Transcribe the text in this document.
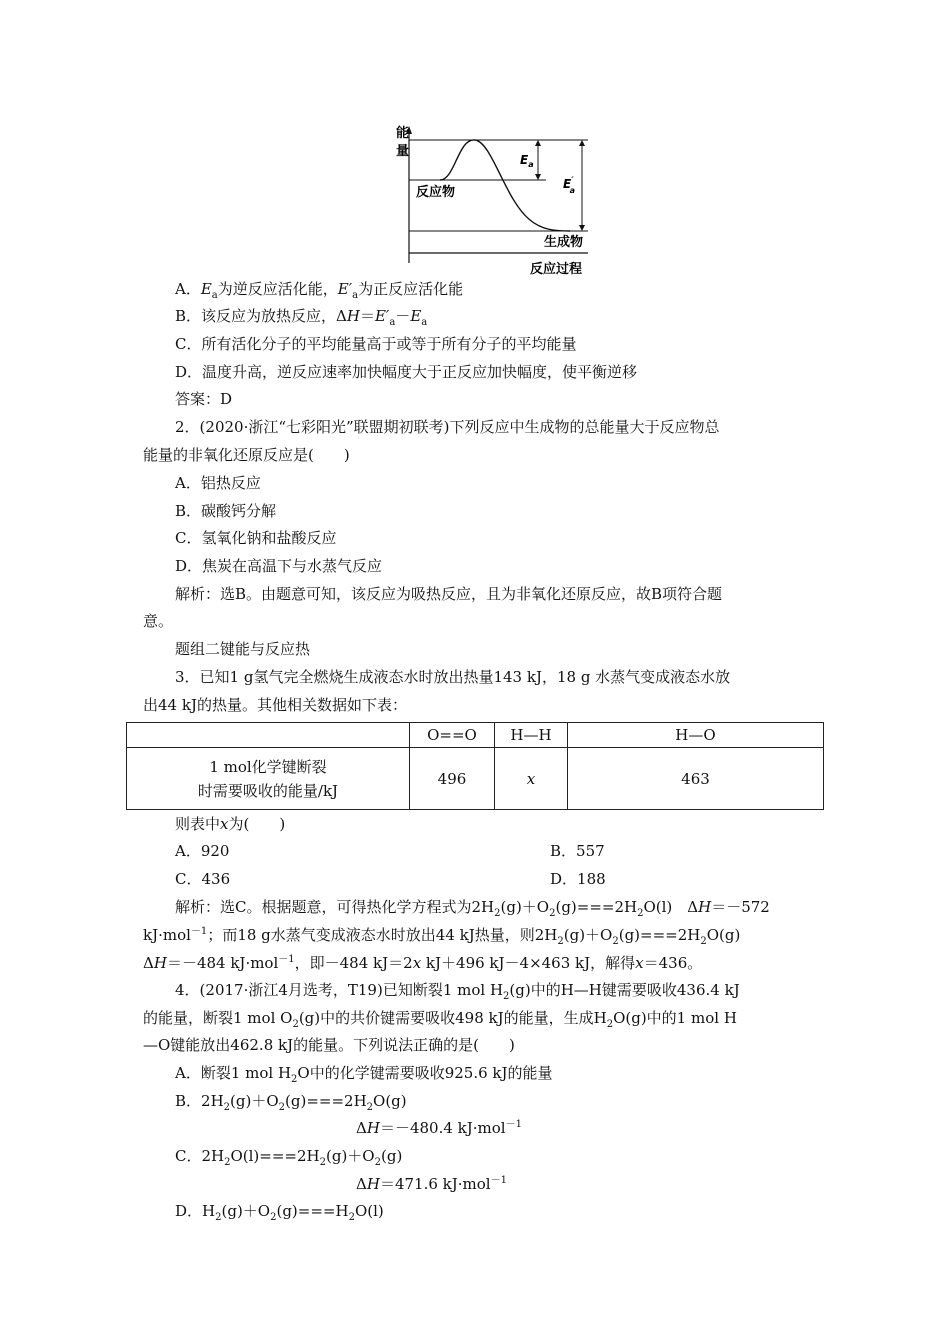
能
量
$E_a$
E′ a
反应物
生成物
反应过程
A．$E_a$为逆反应活化能，$E'_a$为正反应活化能
B．该反应为放热反应，$\Delta H=E'_a-E_a$
C．所有活化分子的平均能量高于或等于所有分子的平均能量
D．温度升高，逆反应速率加快幅度大于正反应加快幅度，使平衡逆移
答案：D
2．(2020·浙江“七彩阳光”联盟期初联考)下列反应中生成物的总能量大于反应物总
能量的非氧化还原反应是(　　)
A．铝热反应
B．碳酸钙分解
C．氢氧化钠和盐酸反应
D．焦炭在高温下与水蒸气反应
解析：选B。由题意可知，该反应为吸热反应，且为非氧化还原反应，故B项符合题
意。
题组二键能与反应热
3．已知1 g氢气完全燃烧生成液态水时放出热量143 kJ，18 g 水蒸气变成液态水放
出44 kJ的热量。其他相关数据如下表：
	O==O	H—H	H—O
1 mol化学键断裂
时需要吸收的能量/kJ	496	x	463
则表中x为(　　)
A．920	B．557
C．436	D．188
解析：选C。根据题意，可得热化学方程式为$2H_2(g)+O_2(g)===2H_2O(l)$　ΔH＝－572
kJ·mol$^{-1}$；而18 g水蒸气变成液态水时放出44 kJ热量，则$2H_2(g)+O_2(g)===2H_2O(g)$
ΔH＝－484 kJ·mol$^{-1}$，即－484 kJ＝2x kJ＋496 kJ－4×463 kJ，解得x＝436。
4．(2017·浙江4月选考，T19)已知断裂1 mol $H_2(g)$中的H—H键需要吸收436.4 kJ
的能量，断裂1 mol $O_2(g)$中的共价键需要吸收498 kJ的能量，生成$H_2O(g)$中的1 mol H
—O键能放出462.8 kJ的能量。下列说法正确的是(　　)
A．断裂1 mol $H_2O$中的化学键需要吸收925.6 kJ的能量
B．$2H_2(g)+O_2(g)===2H_2O(g)$
ΔH＝－480.4 kJ·mol$^{-1}$
C．$2H_2O(l)===2H_2(g)+O_2(g)$
ΔH＝471.6 kJ·mol$^{-1}$
D．$H_2(g)+O_2(g)===H_2O(l)$
